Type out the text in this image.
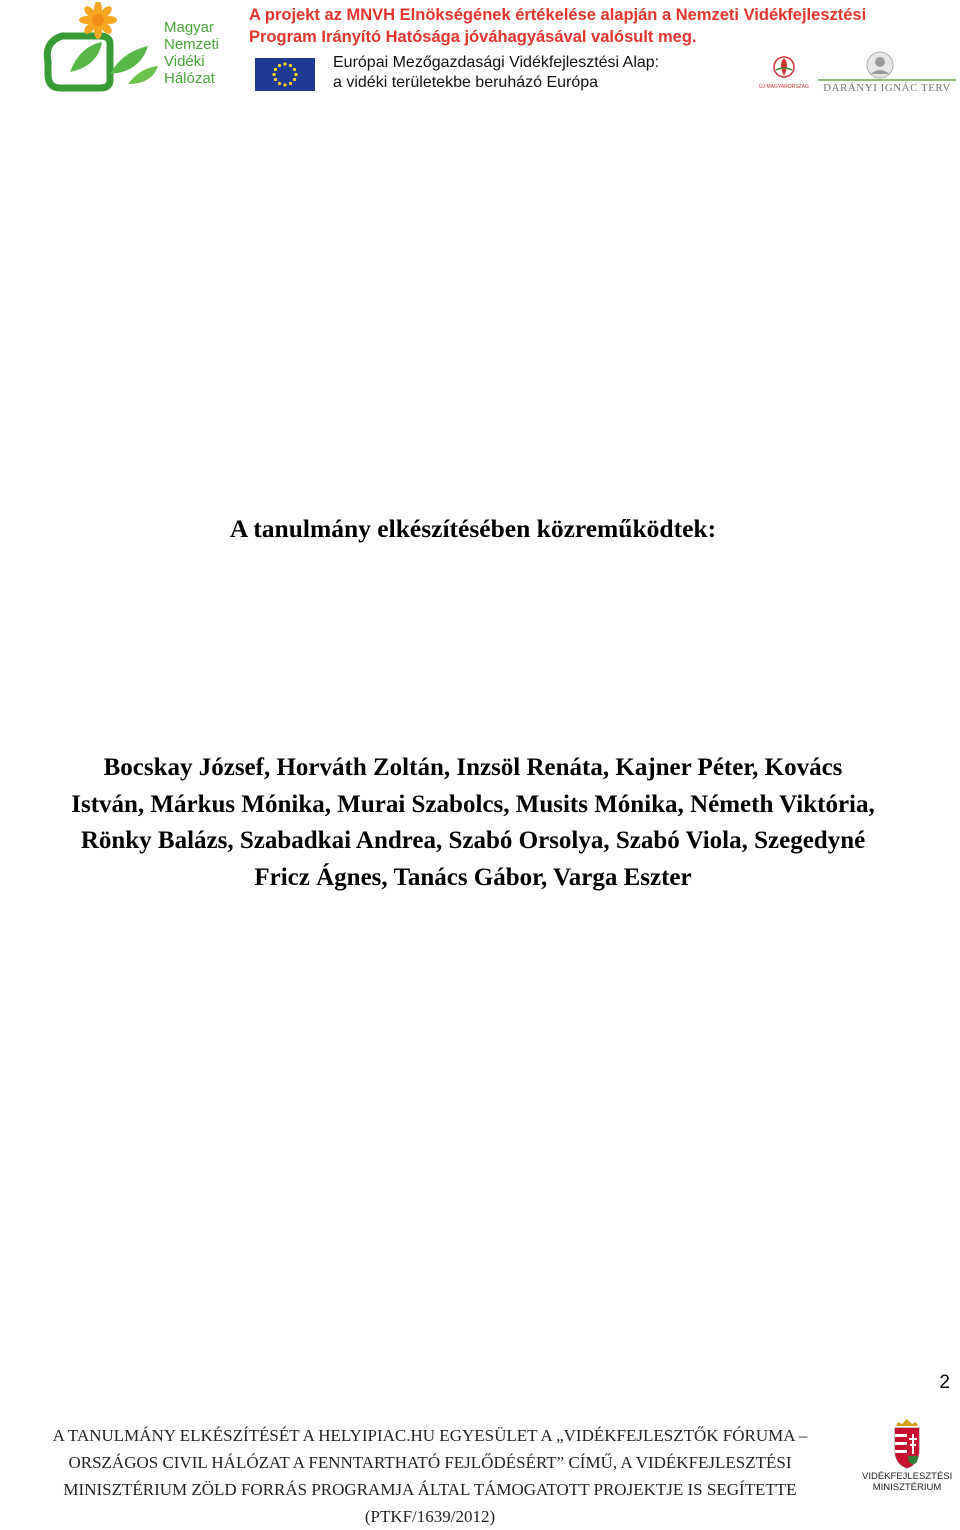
Magyar
Nemzeti
Vidéki
Hálózat
A projekt az MNVH Elnökségének értékelése alapján a Nemzeti Vidékfejlesztési
Program Irányító Hatósága jóváhagyásával valósult meg.
Európai Mezőgazdasági Vidékfejlesztési Alap:
a vidéki területekbe beruházó Európa	ÚJ MAGYARORSZÁG	DARÁNYI IGNÁC TERV
A tanulmány elkészítésében közreműködtek:
Bocskay József, Horváth Zoltán, Inzsöl Renáta, Kajner Péter, Kovács
István, Márkus Mónika, Murai Szabolcs, Musits Mónika, Németh Viktória,
Rönky Balázs, Szabadkai Andrea, Szabó Orsolya, Szabó Viola, Szegedyné
Fricz Ágnes, Tanács Gábor, Varga Eszter
2
A TANULMÁNY ELKÉSZÍTÉSÉT A HELYIPIAC.HU EGYESÜLET A „VIDÉKFEJLESZTŐK FÓRUMA –
ORSZÁGOS CIVIL HÁLÓZAT A FENNTARTHATÓ FEJLŐDÉSÉRT” CÍMŰ, A VIDÉKFEJLESZTÉSI
MINISZTÉRIUM ZÖLD FORRÁS PROGRAMJA ÁLTAL TÁMOGATOTT PROJEKTJE IS SEGÍTETTE
(PTKF/1639/2012)
VIDÉKFEJLESZTÉSI
MINISZTÉRIUM
